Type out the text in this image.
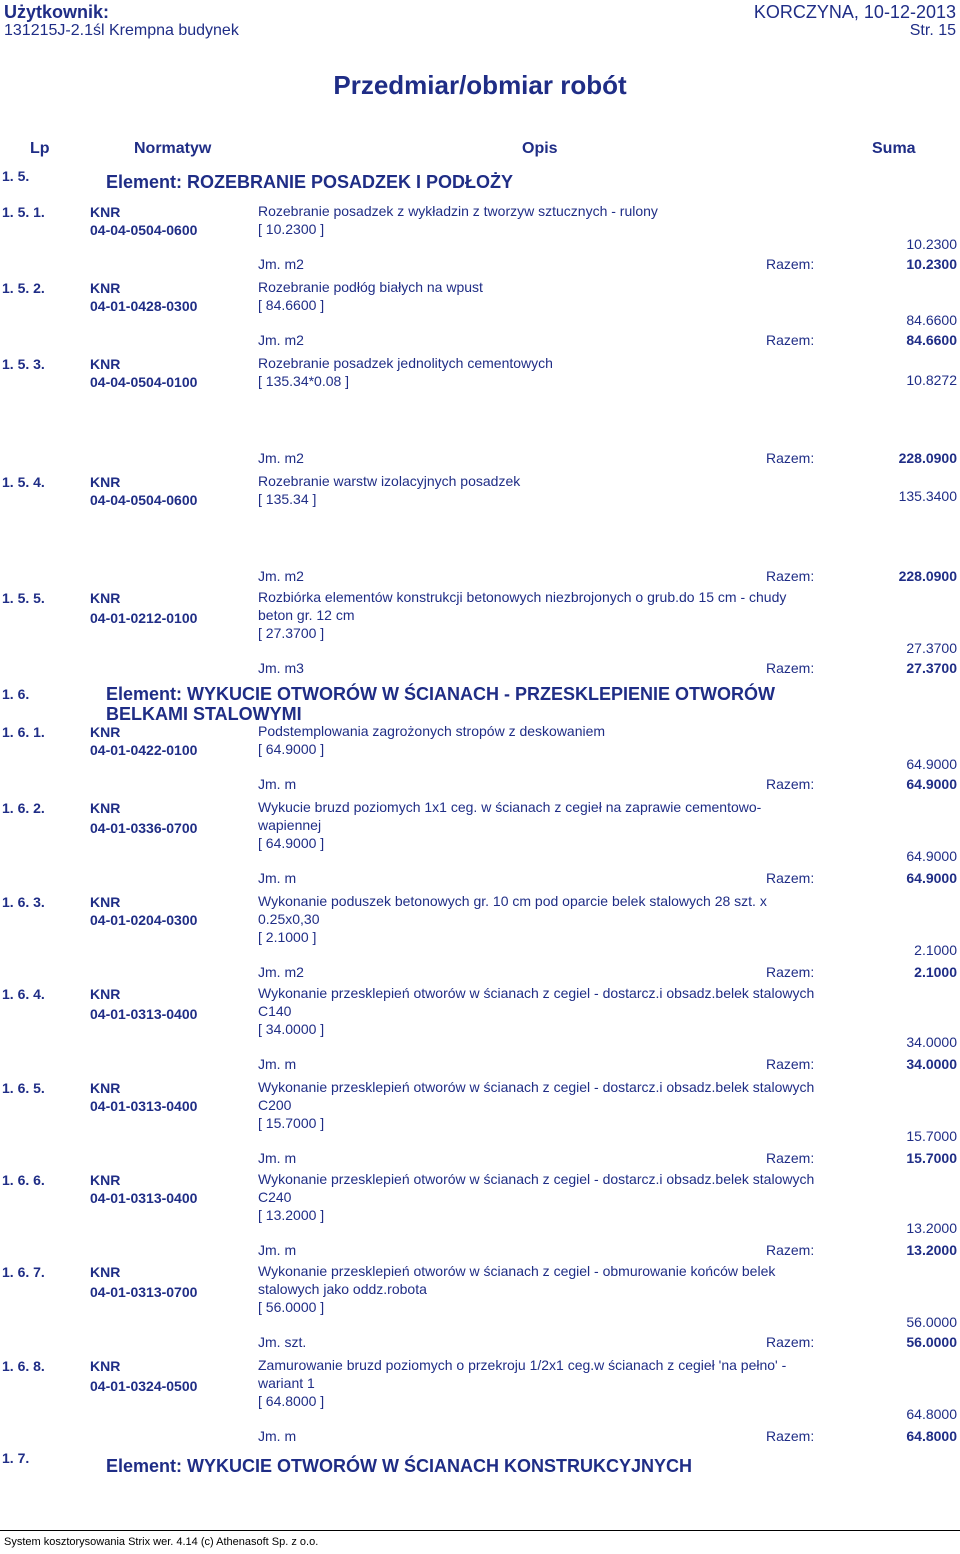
Użytkownik:
131215J-2.1śl Krempna budynek
KORCZYNA, 10-12-2013
Str. 15
Przedmiar/obmiar robót
Lp	Normatyw	Opis	Suma
1. 5.	Element: ROZEBRANIE POSADZEK I PODŁOŻY
1. 5. 1.	KNR
04-04-0504-0600
Rozebranie posadzek z wykładzin z tworzyw sztucznych - rulony
[ 10.2300 ]
10.2300
Jm. m2	Razem:	10.2300
1. 5. 2.	KNR
04-01-0428-0300
Rozebranie podłóg białych na wpust
[ 84.6600 ]
84.6600
Jm. m2	Razem:	84.6600
1. 5. 3.	KNR
04-04-0504-0100
Rozebranie posadzek jednolitych cementowych
[ 135.34*0.08 ]	10.8272
Jm. m2	Razem:	228.0900
1. 5. 4.	KNR
04-04-0504-0600
Rozebranie warstw izolacyjnych posadzek
[ 135.34 ]	135.3400
Jm. m2	Razem:	228.0900
1. 5. 5.	KNR
04-01-0212-0100
Rozbiórka elementów konstrukcji betonowych niezbrojonych o grub.do 15 cm - chudy beton gr. 12 cm
[ 27.3700 ]
27.3700
Jm. m3	Razem:	27.3700
1. 6.	Element: WYKUCIE OTWORÓW W ŚCIANACH - PRZESKLEPIENIE OTWORÓW BELKAMI STALOWYMI
1. 6. 1.	KNR
04-01-0422-0100
Podstemplowania zagrożonych stropów z deskowaniem
[ 64.9000 ]
64.9000
Jm. m	Razem:	64.9000
1. 6. 2.	KNR
04-01-0336-0700
Wykucie bruzd poziomych 1x1 ceg. w ścianach z cegieł na zaprawie cementowo-wapiennej
[ 64.9000 ]
64.9000
Jm. m	Razem:	64.9000
1. 6. 3.	KNR
04-01-0204-0300
Wykonanie poduszek betonowych gr. 10 cm pod oparcie belek stalowych 28 szt. x 0.25x0,30
[ 2.1000 ]
2.1000
Jm. m2	Razem:	2.1000
1. 6. 4.	KNR
04-01-0313-0400
Wykonanie przesklepień otworów w ścianach z cegiel - dostarcz.i obsadz.belek stalowych C140
[ 34.0000 ]
34.0000
Jm. m	Razem:	34.0000
1. 6. 5.	KNR
04-01-0313-0400
Wykonanie przesklepień otworów w ścianach z cegiel - dostarcz.i obsadz.belek stalowych C200
[ 15.7000 ]
15.7000
Jm. m	Razem:	15.7000
1. 6. 6.	KNR
04-01-0313-0400
Wykonanie przesklepień otworów w ścianach z cegiel - dostarcz.i obsadz.belek stalowych C240
[ 13.2000 ]
13.2000
Jm. m	Razem:	13.2000
1. 6. 7.	KNR
04-01-0313-0700
Wykonanie przesklepień otworów w ścianach z cegiel - obmurowanie końców belek stalowych jako oddz.robota
[ 56.0000 ]
56.0000
Jm. szt.	Razem:	56.0000
1. 6. 8.	KNR
04-01-0324-0500
Zamurowanie bruzd poziomych o przekroju 1/2x1 ceg.w ścianach z cegieł 'na pełno' - wariant 1
[ 64.8000 ]
64.8000
Jm. m	Razem:	64.8000
1. 7.	Element: WYKUCIE OTWORÓW W ŚCIANACH KONSTRUKCYJNYCH
System kosztorysowania Strix wer. 4.14 (c) Athenasoft Sp. z o.o.
